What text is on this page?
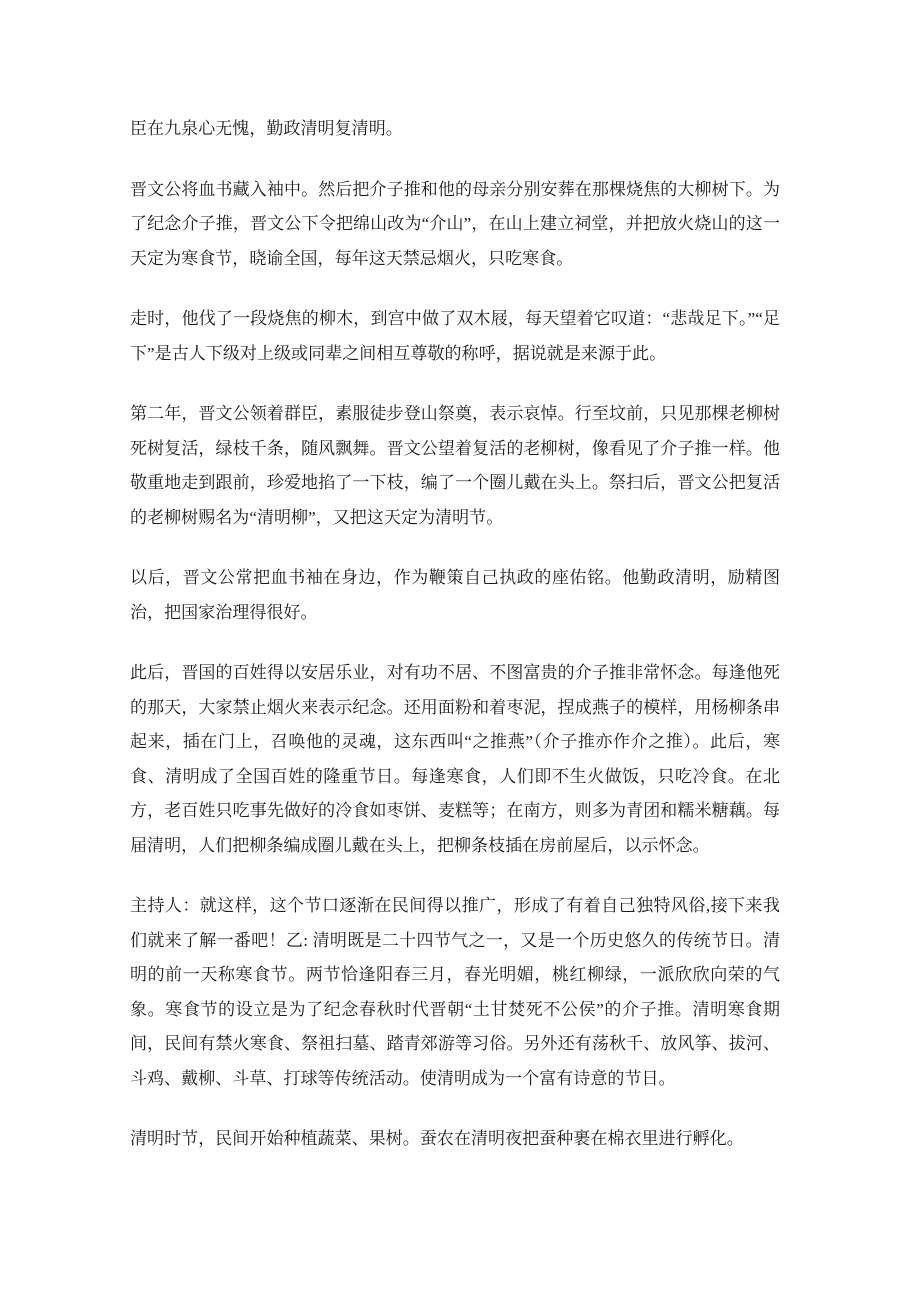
臣在九泉心无愧，勤政清明复清明。

晋文公将血书藏入袖中。然后把介子推和他的母亲分别安葬在那棵烧焦的大柳树下。为了纪念介子推，晋文公下令把绵山改为“介山”，在山上建立祠堂，并把放火烧山的这一天定为寒食节，晓谕全国，每年这天禁忌烟火，只吃寒食。

走时，他伐了一段烧焦的柳木，到宫中做了双木屐，每天望着它叹道：“悲哉足下。”“足下”是古人下级对上级或同辈之间相互尊敬的称呼，据说就是来源于此。

第二年，晋文公领着群臣，素服徒步登山祭奠，表示哀悼。行至坟前，只见那棵老柳树死树复活，绿枝千条，随风飘舞。晋文公望着复活的老柳树，像看见了介子推一样。他敬重地走到跟前，珍爱地掐了一下枝，编了一个圈儿戴在头上。祭扫后，晋文公把复活的老柳树赐名为“清明柳”，又把这天定为清明节。

以后，晋文公常把血书袖在身边，作为鞭策自己执政的座佑铭。他勤政清明，励精图治，把国家治理得很好。

此后，晋国的百姓得以安居乐业，对有功不居、不图富贵的介子推非常怀念。每逢他死的那天，大家禁止烟火来表示纪念。还用面粉和着枣泥，捏成燕子的模样，用杨柳条串起来，插在门上，召唤他的灵魂，这东西叫“之推燕”（介子推亦作介之推）。此后，寒食、清明成了全国百姓的隆重节日。每逢寒食，人们即不生火做饭，只吃冷食。在北方，老百姓只吃事先做好的冷食如枣饼、麦糕等；在南方，则多为青团和糯米糖藕。每届清明，人们把柳条编成圈儿戴在头上，把柳条枝插在房前屋后，以示怀念。

主持人：就这样，这个节口逐渐在民间得以推广，形成了有着自己独特风俗,接下来我们就来了解一番吧！乙: 清明既是二十四节气之一，又是一个历史悠久的传统节日。清明的前一天称寒食节。两节恰逢阳春三月，春光明媚，桃红柳绿，一派欣欣向荣的气象。寒食节的设立是为了纪念春秋时代晋朝“土甘焚死不公侯”的介子推。清明寒食期间，民间有禁火寒食、祭祖扫墓、踏青郊游等习俗。另外还有荡秋千、放风筝、拔河、斗鸡、戴柳、斗草、打球等传统活动。使清明成为一个富有诗意的节日。

清明时节，民间开始种植蔬菜、果树。蚕农在清明夜把蚕种裹在棉衣里进行孵化。
